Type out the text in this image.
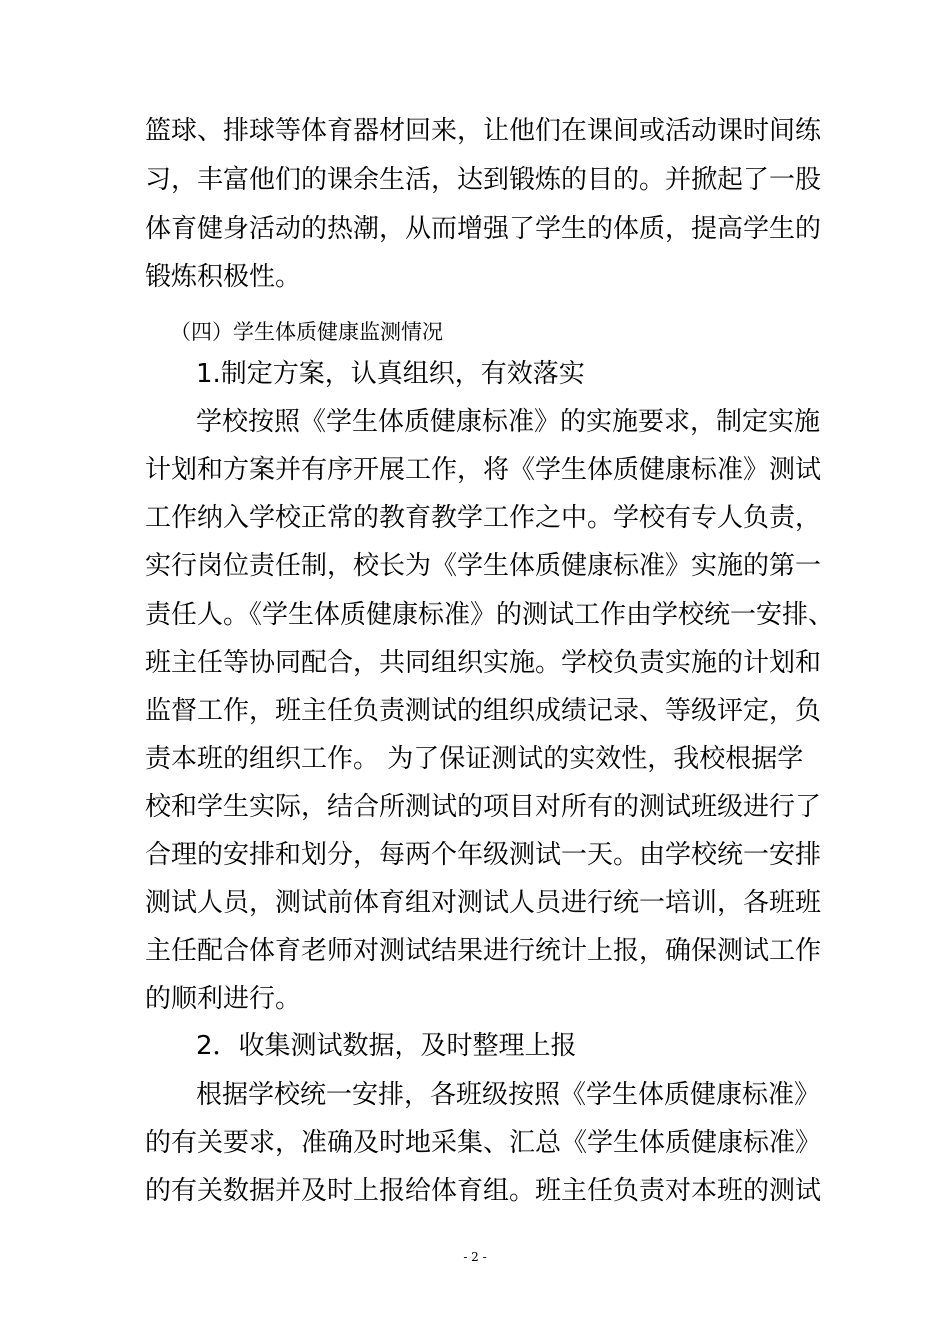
篮球、排球等体育器材回来，让他们在课间或活动课时间练
习，丰富他们的课余生活，达到锻炼的目的。并掀起了一股
体育健身活动的热潮，从而增强了学生的体质，提高学生的
锻炼积极性。
（四）学生体质健康监测情况
1.制定方案，认真组织，有效落实
学校按照《学生体质健康标准》的实施要求，制定实施
计划和方案并有序开展工作，将《学生体质健康标准》测试
工作纳入学校正常的教育教学工作之中。学校有专人负责，
实行岗位责任制，校长为《学生体质健康标准》实施的第一
责任人。《学生体质健康标准》的测试工作由学校统一安排、
班主任等协同配合，共同组织实施。学校负责实施的计划和
监督工作，班主任负责测试的组织成绩记录、等级评定，负
责本班的组织工作。 为了保证测试的实效性，我校根据学
校和学生实际，结合所测试的项目对所有的测试班级进行了
合理的安排和划分，每两个年级测试一天。由学校统一安排
测试人员，测试前体育组对测试人员进行统一培训，各班班
主任配合体育老师对测试结果进行统计上报，确保测试工作
的顺利进行。
2．收集测试数据，及时整理上报
根据学校统一安排，各班级按照《学生体质健康标准》
的有关要求，准确及时地采集、汇总《学生体质健康标准》
的有关数据并及时上报给体育组。班主任负责对本班的测试
- 2 -
